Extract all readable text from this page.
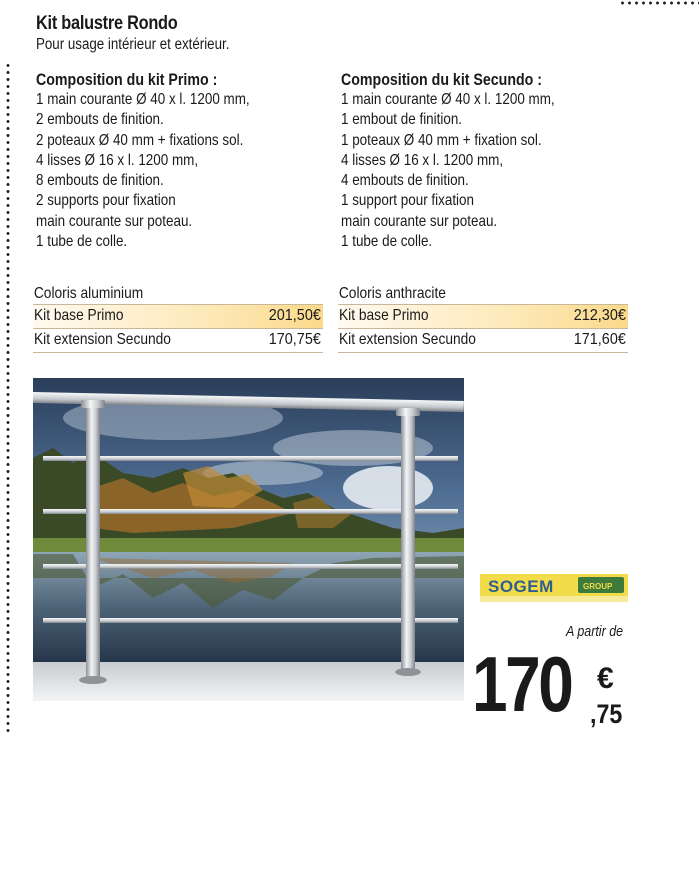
Kit balustre Rondo
Pour usage intérieur et extérieur.
Composition du kit Primo :
1 main courante Ø 40 x l. 1200 mm,
2 embouts de finition.
2 poteaux Ø 40 mm + fixations sol.
4 lisses Ø 16 x l. 1200 mm,
8 embouts de finition.
2 supports pour fixation
main courante sur poteau.
1 tube de colle.
Composition du kit Secundo :
1 main courante Ø 40 x l. 1200 mm,
1 embout de finition.
1 poteaux Ø 40 mm + fixation sol.
4 lisses Ø 16 x l. 1200 mm,
4 embouts de finition.
1 support pour fixation
main courante sur poteau.
1 tube de colle.
Coloris aluminium
Kit base Primo	201,50€
Kit extension Secundo	170,75€
Coloris anthracite
Kit base Primo	212,30€
Kit extension Secundo	171,60€
SOGEM	GROUP
A partir de
170 €
,75
